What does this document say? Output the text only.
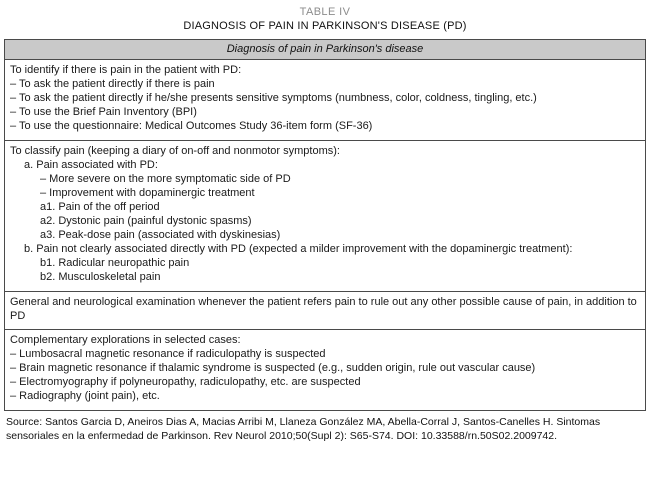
TABLE IV
DIAGNOSIS OF PAIN IN PARKINSON'S DISEASE (PD)
Diagnosis of pain in Parkinson's disease
To identify if there is pain in the patient with PD:
– To ask the patient directly if there is pain
– To ask the patient directly if he/she presents sensitive symptoms (numbness, color, coldness, tingling, etc.)
– To use the Brief Pain Inventory (BPI)
– To use the questionnaire: Medical Outcomes Study 36-item form (SF-36)
To classify pain (keeping a diary of on-off and nonmotor symptoms):
a. Pain associated with PD:
– More severe on the more symptomatic side of PD
– Improvement with dopaminergic treatment
a1. Pain of the off period
a2. Dystonic pain (painful dystonic spasms)
a3. Peak-dose pain (associated with dyskinesias)
b. Pain not clearly associated directly with PD (expected a milder improvement with the dopaminergic treatment):
b1. Radicular neuropathic pain
b2. Musculoskeletal pain
General and neurological examination whenever the patient refers pain to rule out any other possible cause of pain, in addition to PD
Complementary explorations in selected cases:
– Lumbosacral magnetic resonance if radiculopathy is suspected
– Brain magnetic resonance if thalamic syndrome is suspected (e.g., sudden origin, rule out vascular cause)
– Electromyography if polyneuropathy, radiculopathy, etc. are suspected
– Radiography (joint pain), etc.
Source: Santos Garcia D, Aneiros Dias A, Macias Arribi M, Llaneza González MA, Abella-Corral J, Santos-Canelles H. Sintomas sensoriales en la enfermedad de Parkinson. Rev Neurol 2010;50(Supl 2): S65-S74. DOI: 10.33588/rn.50S02.2009742.
